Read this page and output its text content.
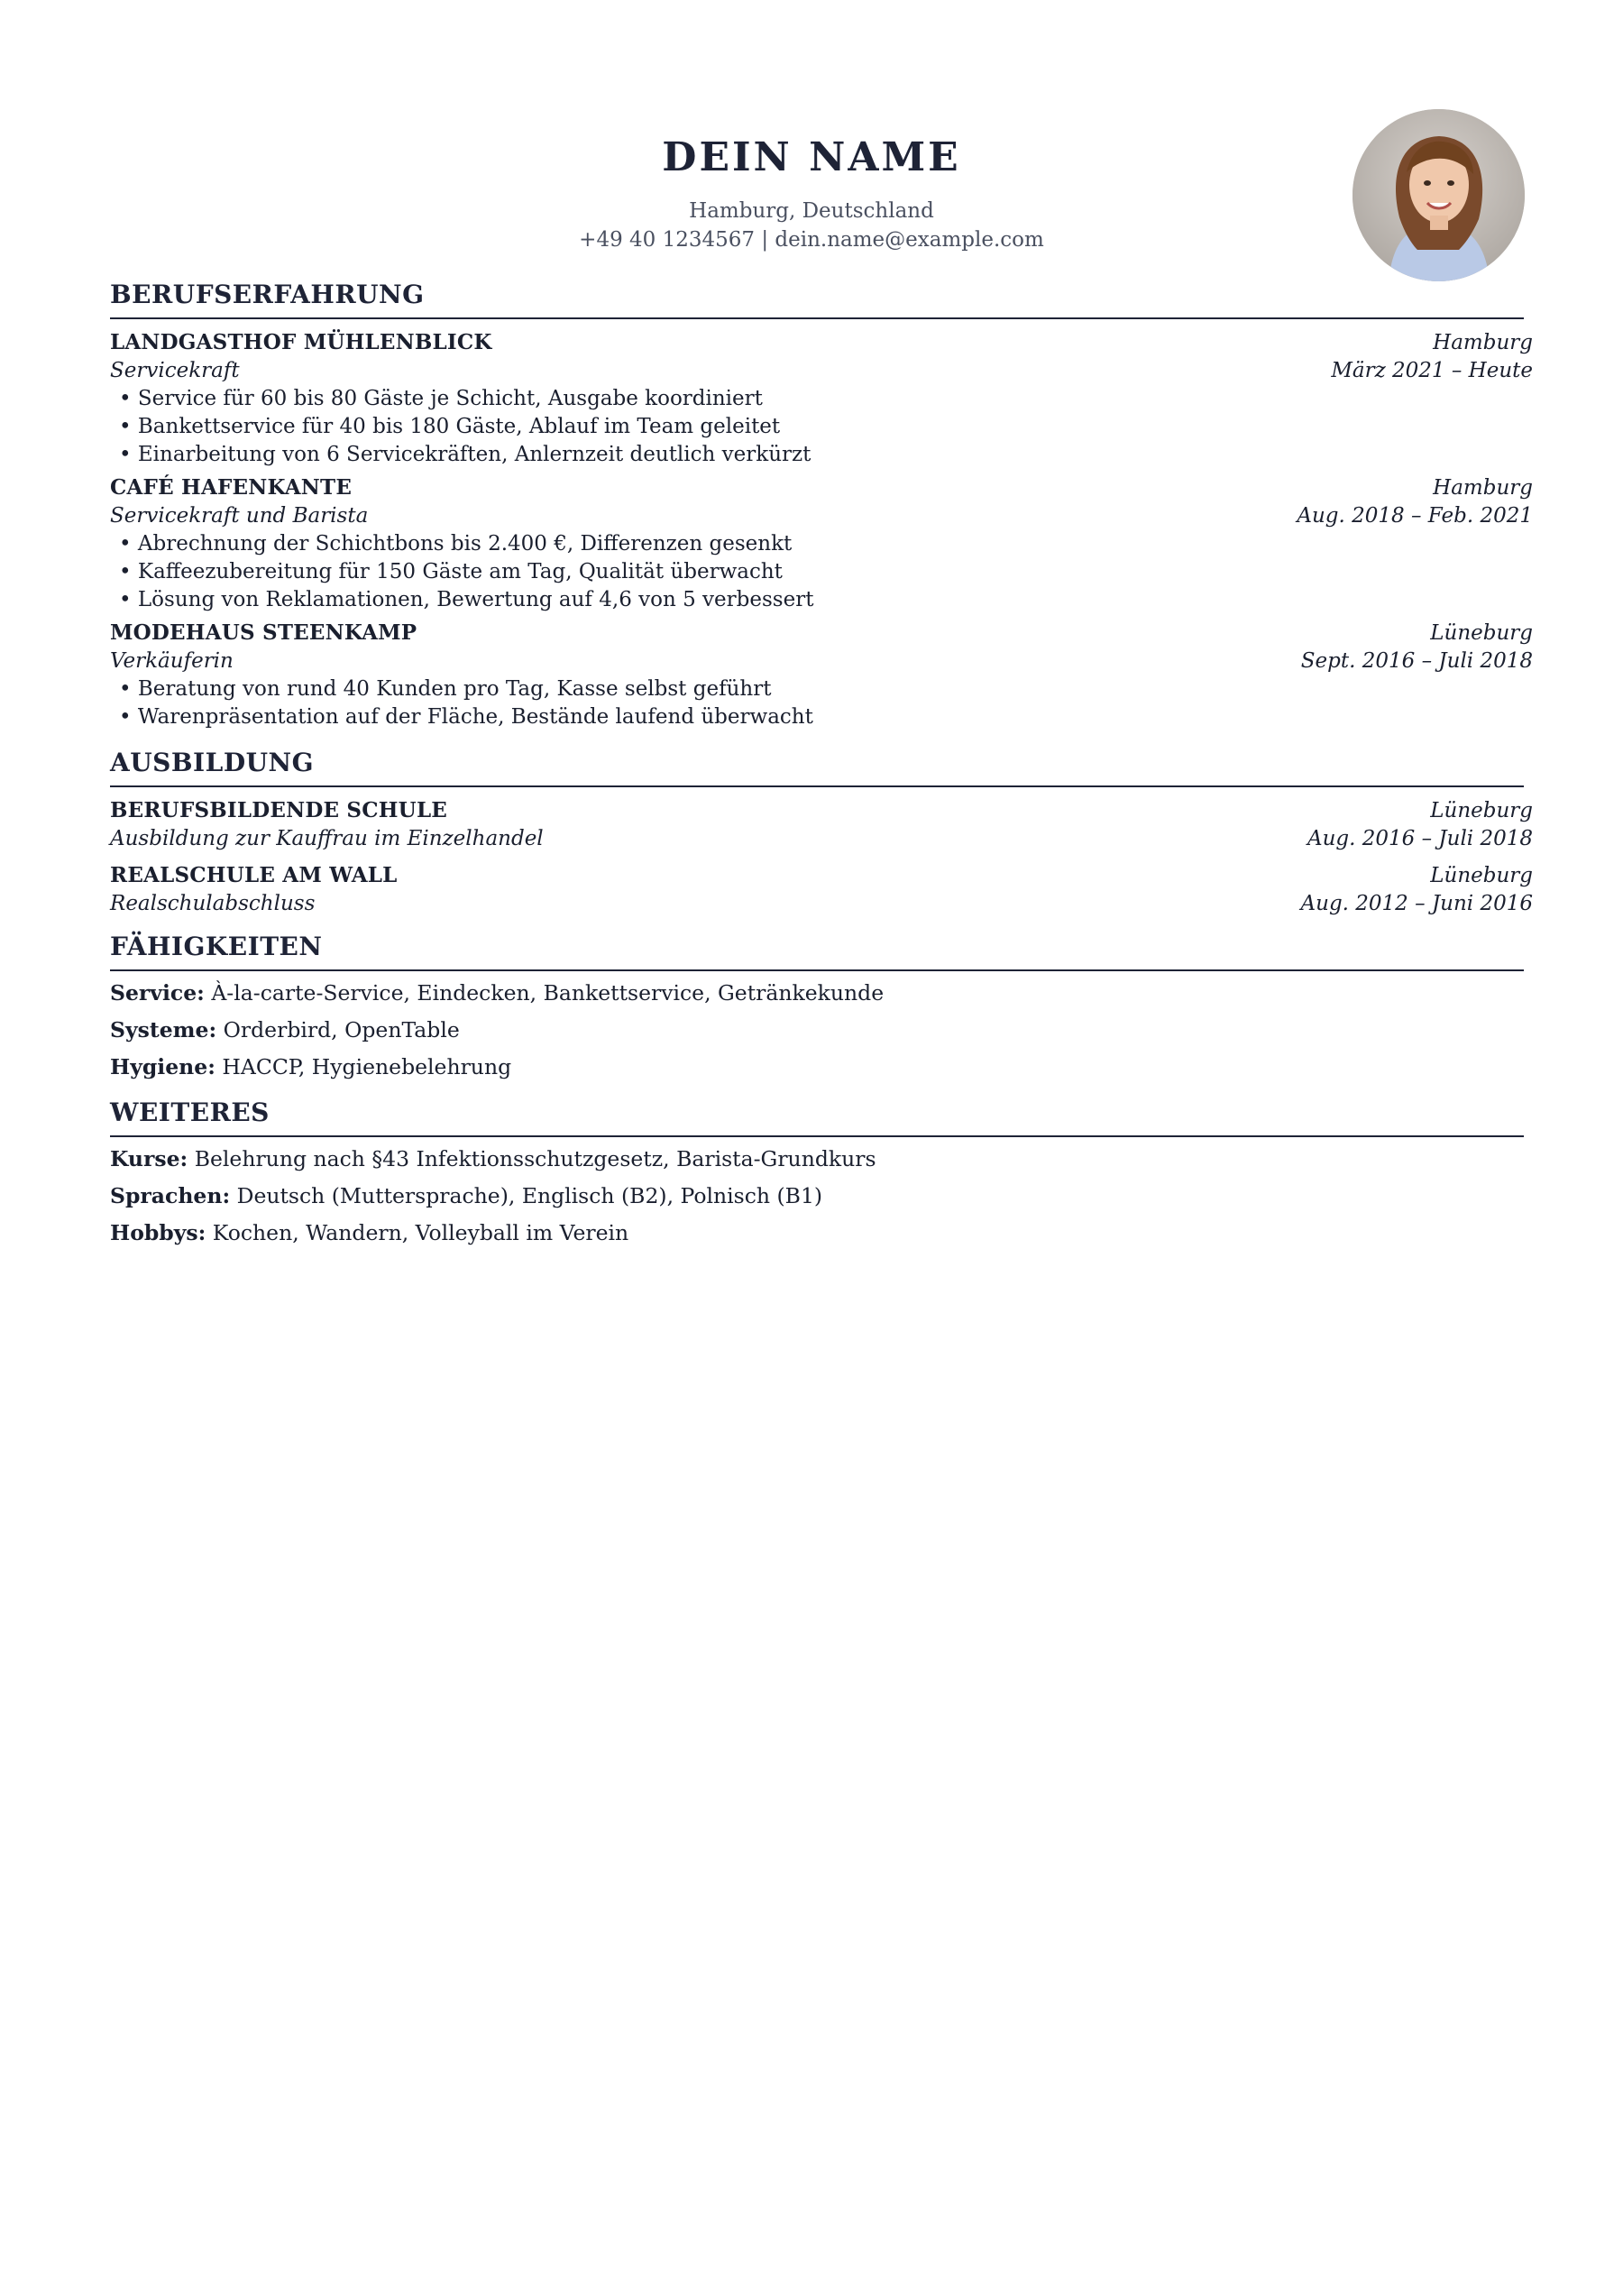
DEIN NAME
Hamburg, Deutschland
+49 40 1234567 | dein.name@example.com
BERUFSERFAHRUNG
LANDGASTHOF MÜHLENBLICK	Hamburg
Servicekraft	März 2021 – Heute
• Service für 60 bis 80 Gäste je Schicht, Ausgabe koordiniert
• Bankettservice für 40 bis 180 Gäste, Ablauf im Team geleitet
• Einarbeitung von 6 Servicekräften, Anlernzeit deutlich verkürzt
CAFÉ HAFENKANTE	Hamburg
Servicekraft und Barista	Aug. 2018 – Feb. 2021
• Abrechnung der Schichtbons bis 2.400 €, Differenzen gesenkt
• Kaffeezubereitung für 150 Gäste am Tag, Qualität überwacht
• Lösung von Reklamationen, Bewertung auf 4,6 von 5 verbessert
MODEHAUS STEENKAMP	Lüneburg
Verkäuferin	Sept. 2016 – Juli 2018
• Beratung von rund 40 Kunden pro Tag, Kasse selbst geführt
• Warenpräsentation auf der Fläche, Bestände laufend überwacht
AUSBILDUNG
BERUFSBILDENDE SCHULE	Lüneburg
Ausbildung zur Kauffrau im Einzelhandel	Aug. 2016 – Juli 2018
REALSCHULE AM WALL	Lüneburg
Realschulabschluss	Aug. 2012 – Juni 2016
FÄHIGKEITEN
Service: À-la-carte-Service, Eindecken, Bankettservice, Getränkekunde
Systeme: Orderbird, OpenTable
Hygiene: HACCP, Hygienebelehrung
WEITERES
Kurse: Belehrung nach §43 Infektionsschutzgesetz, Barista-Grundkurs
Sprachen: Deutsch (Muttersprache), Englisch (B2), Polnisch (B1)
Hobbys: Kochen, Wandern, Volleyball im Verein
